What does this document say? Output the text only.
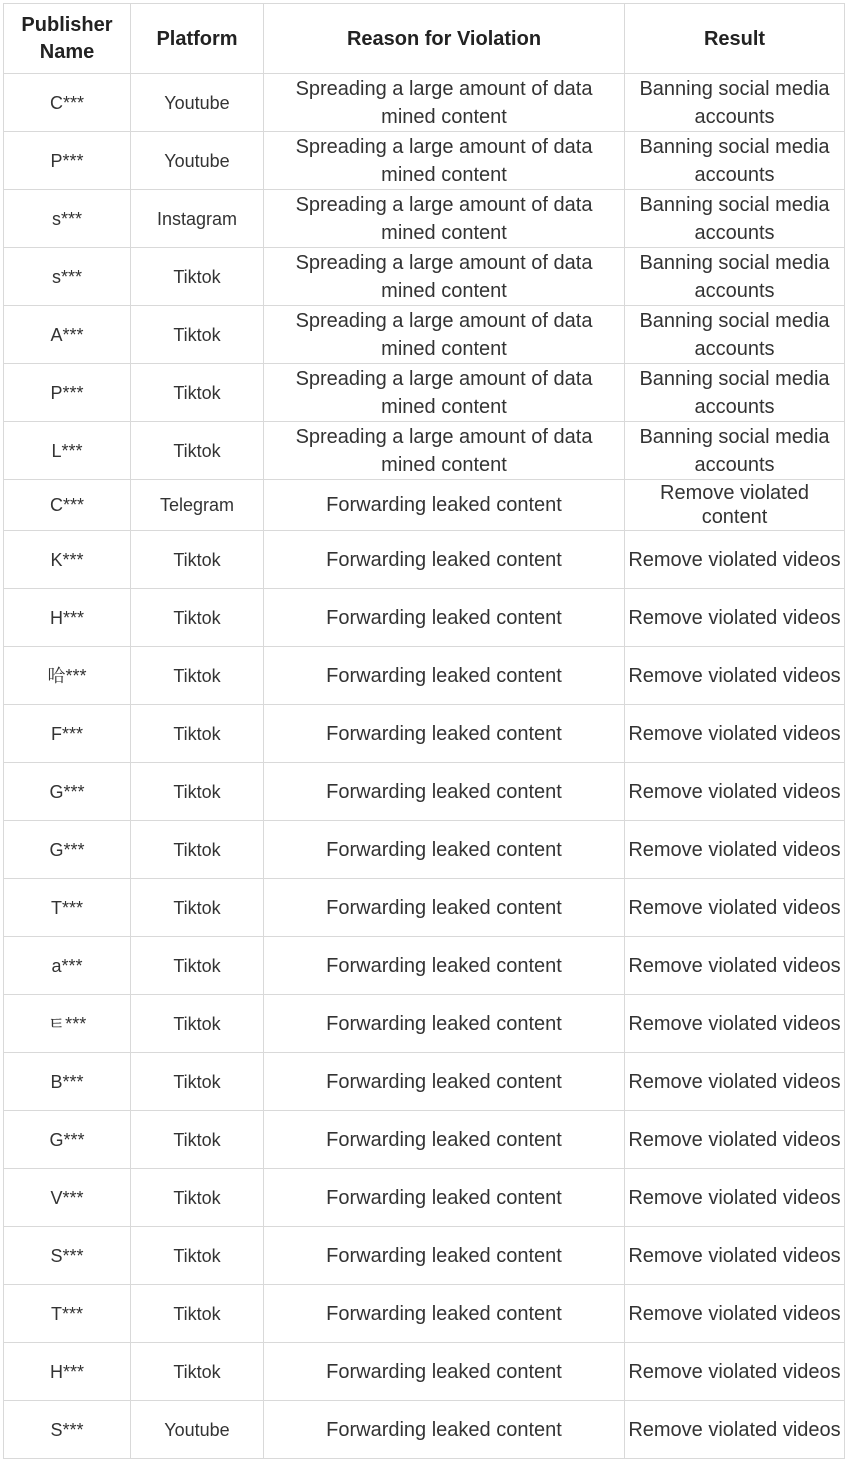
Publisher Name	Platform	Reason for Violation	Result
C***	Youtube	Spreading a large amount of data mined content	Banning social media accounts
P***	Youtube	Spreading a large amount of data mined content	Banning social media accounts
s***	Instagram	Spreading a large amount of data mined content	Banning social media accounts
s***	Tiktok	Spreading a large amount of data mined content	Banning social media accounts
A***	Tiktok	Spreading a large amount of data mined content	Banning social media accounts
P***	Tiktok	Spreading a large amount of data mined content	Banning social media accounts
L***	Tiktok	Spreading a large amount of data mined content	Banning social media accounts
C***	Telegram	Forwarding leaked content	Remove violated content
K***	Tiktok	Forwarding leaked content	Remove violated videos
H***	Tiktok	Forwarding leaked content	Remove violated videos
哈***	Tiktok	Forwarding leaked content	Remove violated videos
F***	Tiktok	Forwarding leaked content	Remove violated videos
G***	Tiktok	Forwarding leaked content	Remove violated videos
G***	Tiktok	Forwarding leaked content	Remove violated videos
T***	Tiktok	Forwarding leaked content	Remove violated videos
a***	Tiktok	Forwarding leaked content	Remove violated videos
ㅌ***	Tiktok	Forwarding leaked content	Remove violated videos
B***	Tiktok	Forwarding leaked content	Remove violated videos
G***	Tiktok	Forwarding leaked content	Remove violated videos
V***	Tiktok	Forwarding leaked content	Remove violated videos
S***	Tiktok	Forwarding leaked content	Remove violated videos
T***	Tiktok	Forwarding leaked content	Remove violated videos
H***	Tiktok	Forwarding leaked content	Remove violated videos
S***	Youtube	Forwarding leaked content	Remove violated videos
